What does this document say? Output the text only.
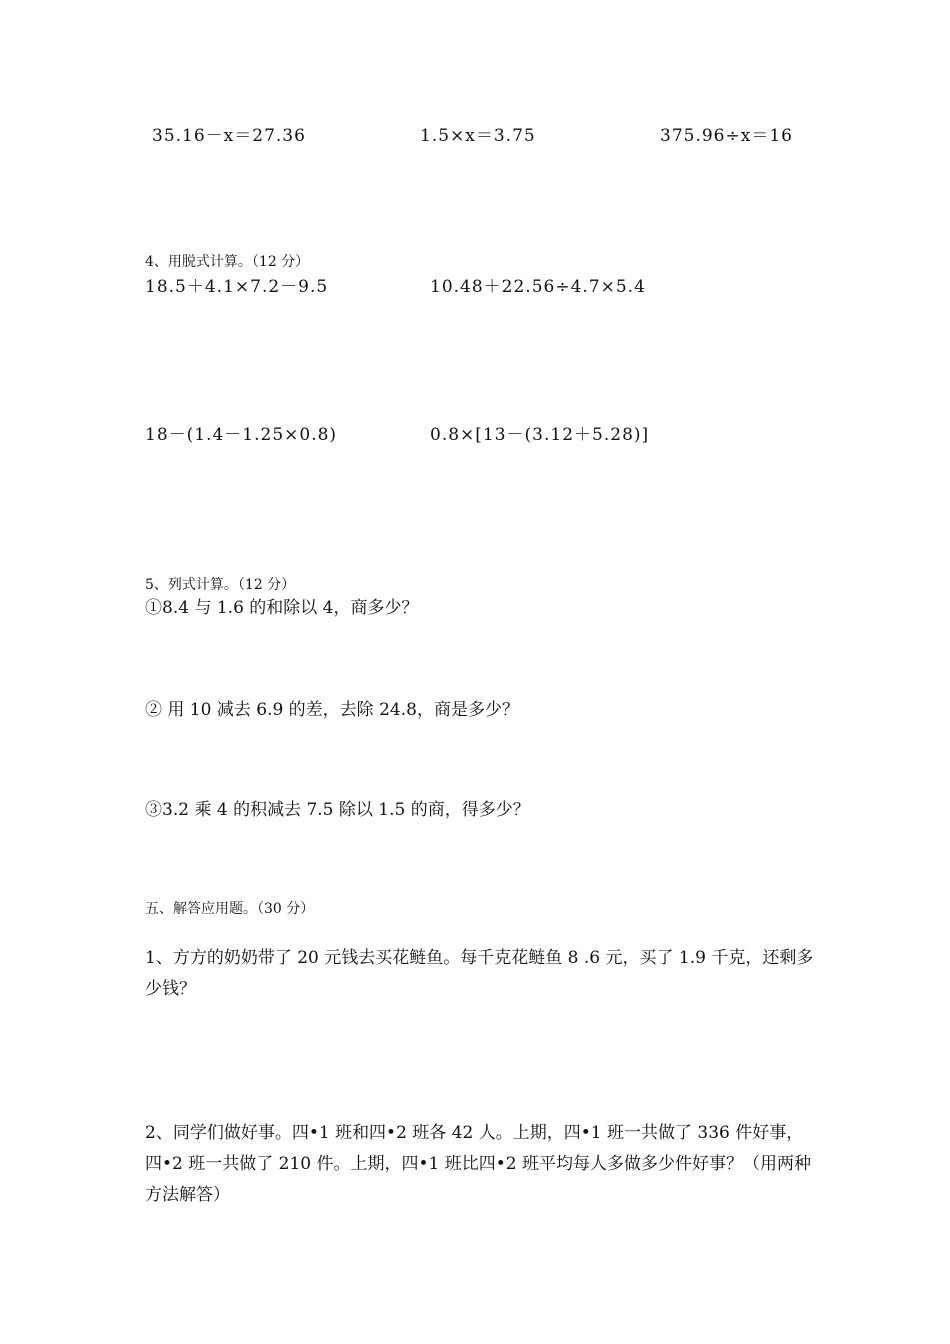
35.16－x＝27.36	1.5×x＝3.75	375.96÷x＝16
4、用脱式计算。（12 分）
18.5＋4.1×7.2－9.5	10.48＋22.56÷4.7×5.4
18－(1.4－1.25×0.8)	0.8×[13－(3.12＋5.28)]
5、列式计算。（12 分）
①8.4 与 1.6 的和除以 4，商多少？
② 用 10 减去 6.9 的差，去除 24.8，商是多少？
③3.2 乘 4 的积减去 7.5 除以 1.5 的商，得多少？
五、解答应用题。（30 分）
1、方方的奶奶带了 20 元钱去买花鲢鱼。每千克花鲢鱼 8 .6 元，买了 1.9 千克，还剩多少钱？
2、同学们做好事。四•1 班和四•2 班各 42 人。上期，四•1 班一共做了 336 件好事，四•2 班一共做了 210 件。上期，四•1 班比四•2 班平均每人多做多少件好事？（用两种方法解答）
